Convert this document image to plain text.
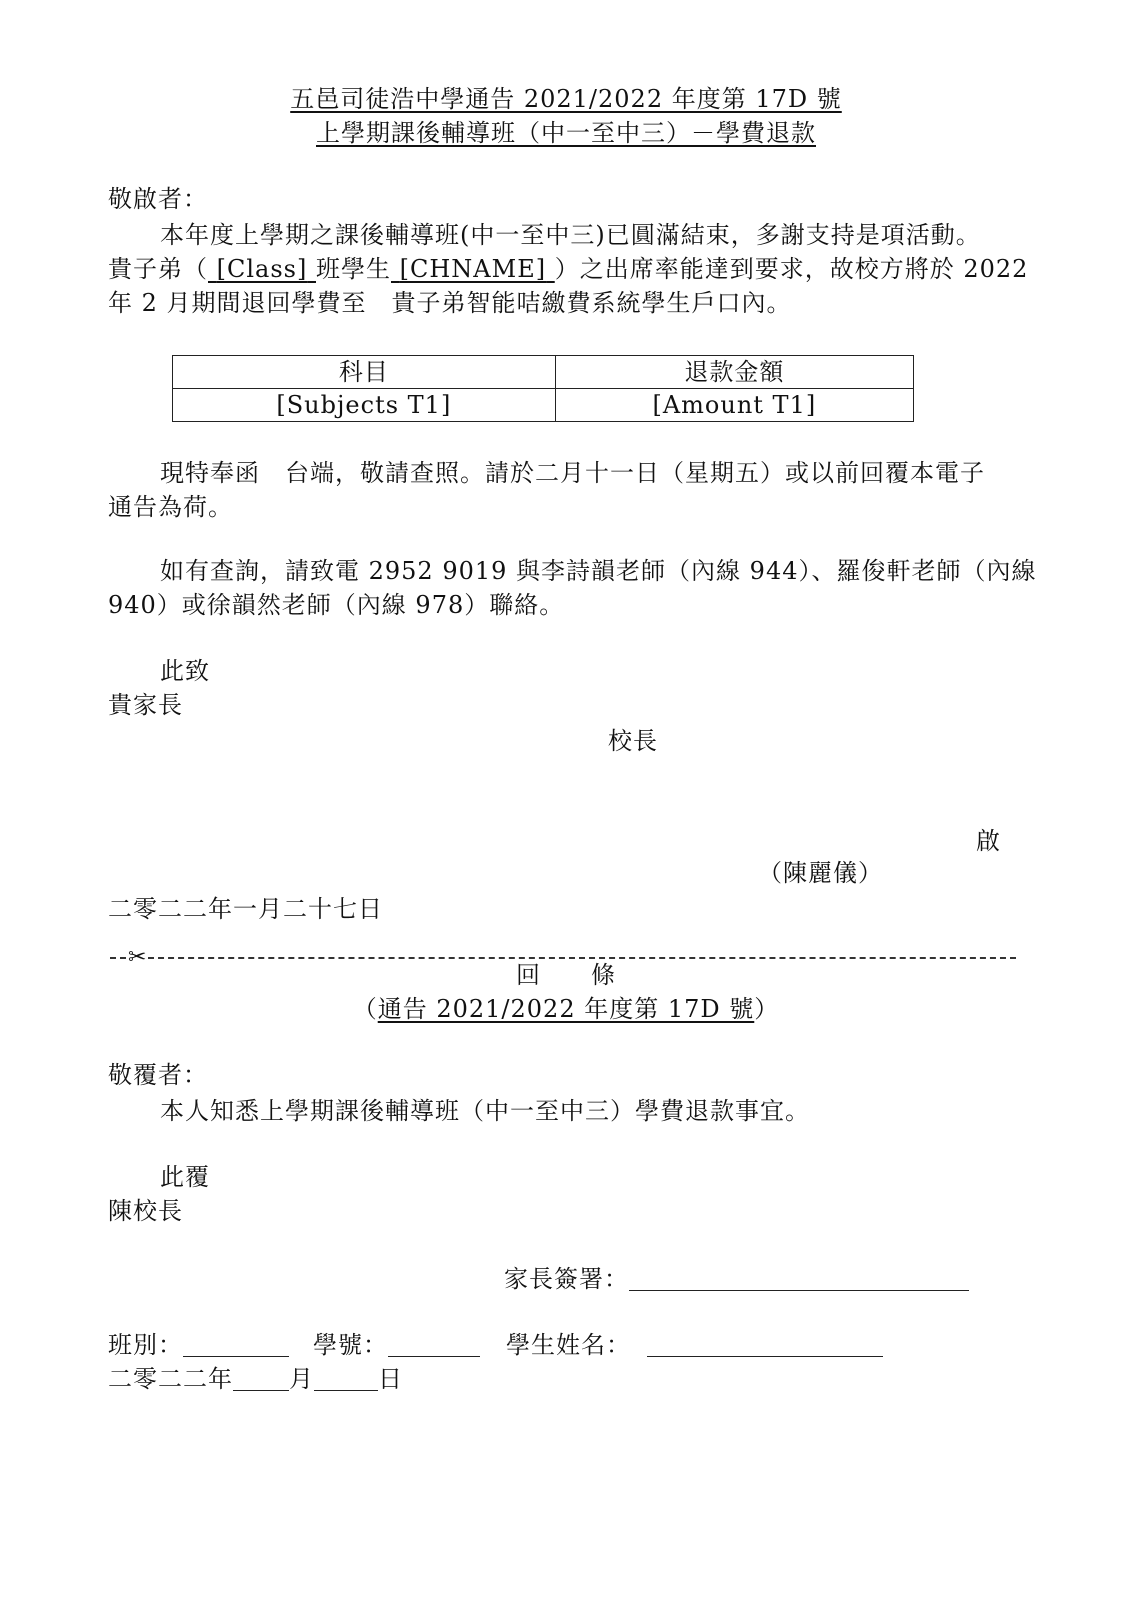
五邑司徒浩中學通告 2021/2022 年度第 17D 號
上學期課後輔導班（中一至中三）－學費退款
敬啟者：
本年度上學期之課後輔導班(中一至中三)已圓滿結束，多謝支持是項活動。
貴子弟（ [Class] 班學生 [CHNAME] ）之出席率能達到要求，故校方將於 2022
年 2 月期間退回學費至　貴子弟智能咭繳費系統學生戶口內。
科目	退款金額
[Subjects T1]	[Amount T1]
現特奉函　台端，敬請查照。請於二月十一日（星期五）或以前回覆本電子
通告為荷。
如有查詢，請致電 2952 9019 與李詩韻老師（內線 944）、羅俊軒老師（內線
940）或徐韻然老師（內線 978）聯絡。
此致
貴家長
校長
啟
（陳麗儀）
二零二二年一月二十七日
✂
回　　條
（通告 2021/2022 年度第 17D 號）
敬覆者：
本人知悉上學期課後輔導班（中一至中三）學費退款事宜。
此覆
陳校長
家長簽署：
班別：	學號：	學生姓名：
二零二二年 月	日
